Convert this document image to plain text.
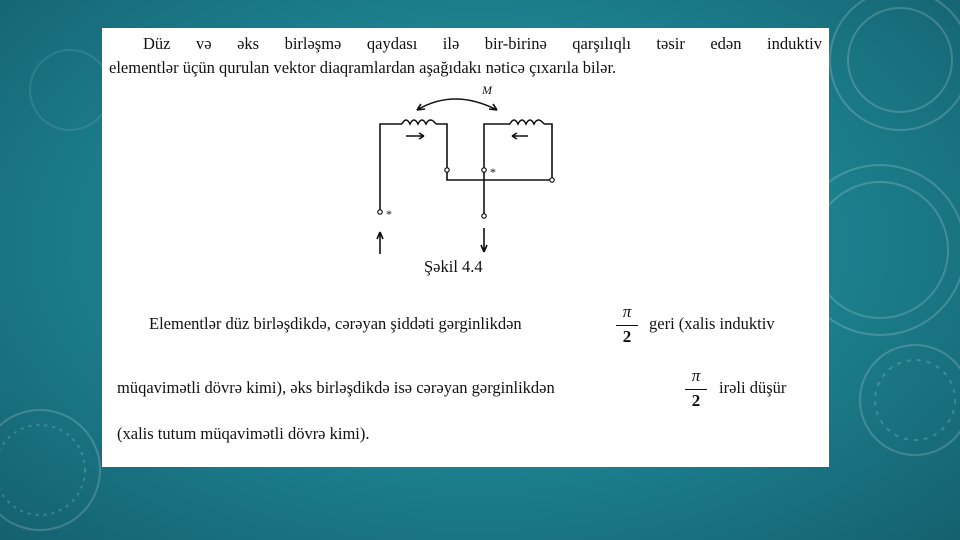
Düz və əks birləşmə qaydası ilə bir-birinə qarşılıqlı təsir edən induktiv
elementlər üçün qurulan vektor diaqramlardan aşağıdakı nəticə çıxarıla bilər.
M
*
*
Şəkil 4.4
Elementlər düz birləşdikdə, cərəyan şiddəti gərginlikdən
π
2
geri (xalis induktiv
müqavimətli dövrə kimi), əks birləşdikdə isə cərəyan gərginlikdən
π
2
irəli düşür
(xalis tutum müqavimətli dövrə kimi).
